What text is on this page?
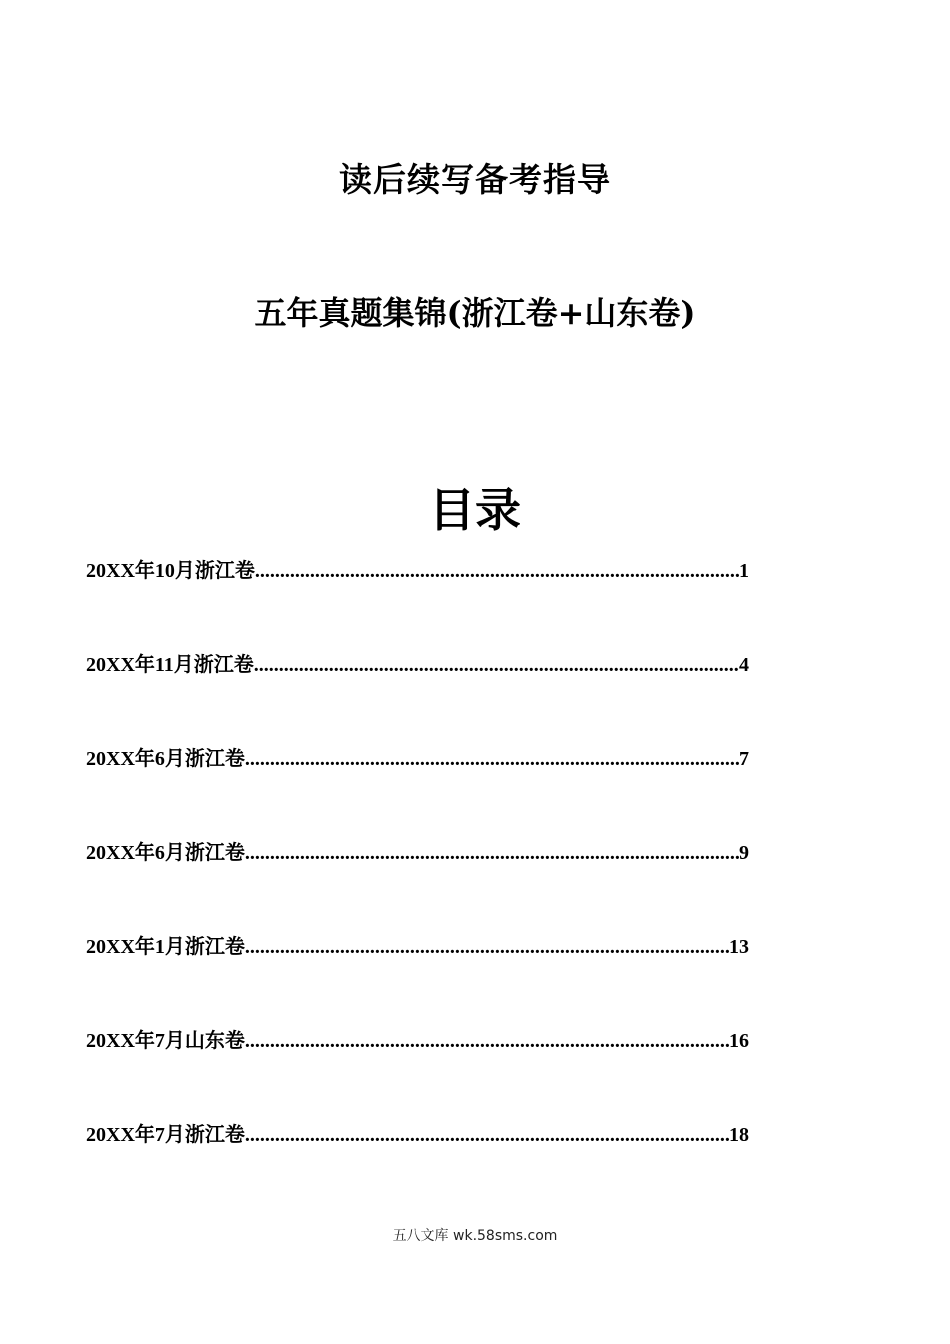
读后续写备考指导
五年真题集锦(浙江卷+山东卷)
目录
20XX年10月浙江卷 .....	1
20XX年11月浙江卷 .....	4
20XX年6月浙江卷 .....	7
20XX年6月浙江卷 .....	9
20XX年1月浙江卷 .....	13
20XX年7月山东卷 .....	16
20XX年7月浙江卷 .....	18
五八文库 wk.58sms.com
